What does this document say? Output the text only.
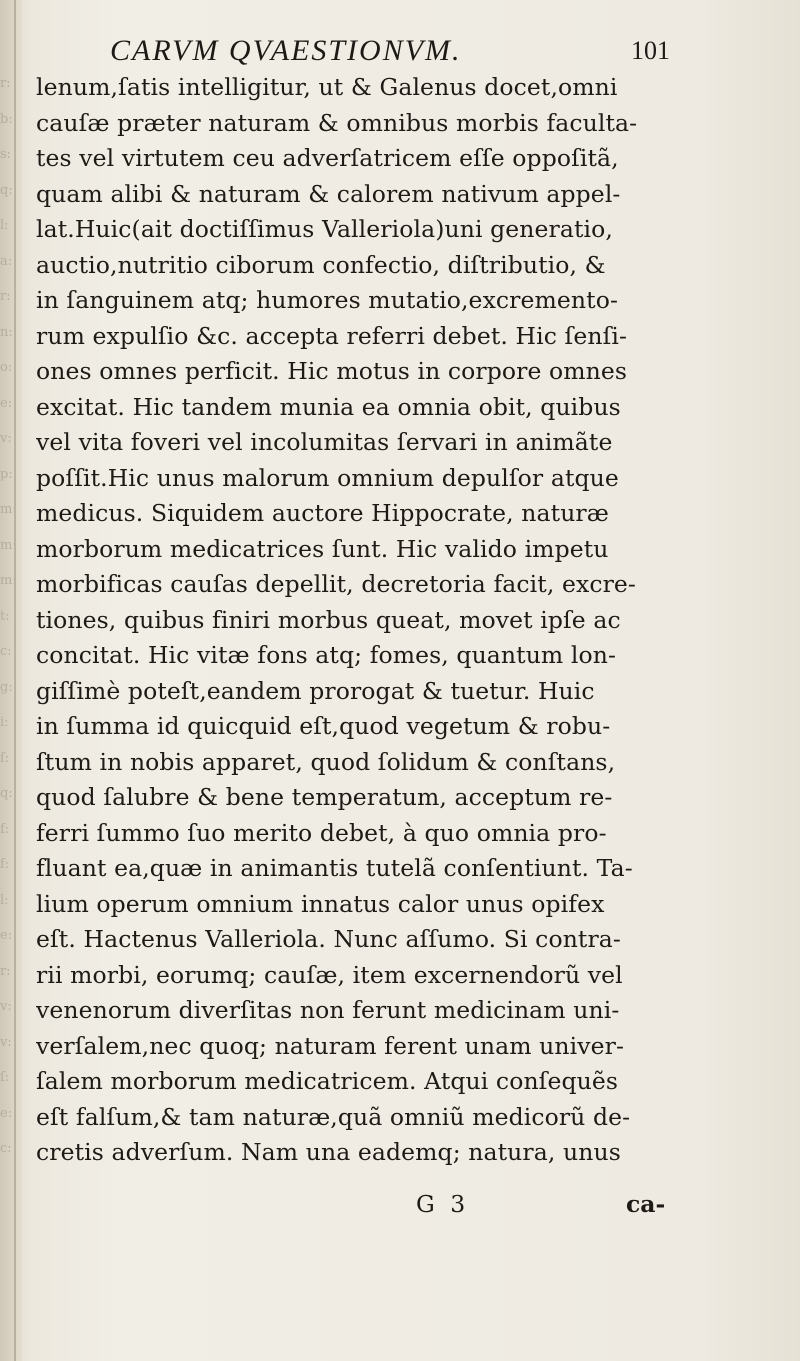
r:
b:
s:
q:
l:
a:
r:
n:
o:
e:
v:
p:
m:
m:
m:
t:
c:
g:
i:
ſ:
q:
f:
f:
l:
e:
r:
v:
v:
ſ:
e:
c:
CARVM QVAESTIONVM.	101
lenum,ſatis intelligitur, ut & Galenus docet,omni
cauſæ præter naturam & omnibus morbis faculta-
tes vel virtutem ceu adverſatricem eſſe oppoſitã,
quam alibi & naturam & calorem nativum appel-
lat.Huic(ait doctiſſimus Valleriola)uni generatio,
auctio,nutritio ciborum confectio, diſtributio, &
in ſanguinem atq; humores mutatio,excremento-
rum expulſio &c. accepta referri debet. Hic ſenſi-
ones omnes perficit. Hic motus in corpore omnes
excitat. Hic tandem munia ea omnia obit, quibus
vel vita foveri vel incolumitas ſervari in animãte
poſſit.Hic unus malorum omnium depulſor atque
medicus. Siquidem auctore Hippocrate, naturæ
morborum medicatrices ſunt. Hic valido impetu
morbificas cauſas depellit, decretoria facit, excre-
tiones, quibus finiri morbus queat, movet ipſe ac
concitat. Hic vitæ fons atq; fomes, quantum lon-
giſſimè poteſt,eandem prorogat & tuetur. Huic
in ſumma id quicquid eſt,quod vegetum & robu-
ſtum in nobis apparet, quod ſolidum & conſtans,
quod ſalubre & bene temperatum, acceptum re-
ferri ſummo ſuo merito debet, à quo omnia pro-
fluant ea,quæ in animantis tutelã conſentiunt. Ta-
lium operum omnium innatus calor unus opifex
eſt. Hactenus Valleriola. Nunc aſſumo. Si contra-
rii morbi, eorumq; cauſæ, item excernendorũ vel
venenorum diverſitas non ferunt medicinam uni-
verſalem,nec quoq; naturam ferent unam univer-
ſalem morborum medicatricem. Atqui conſequẽs
eſt falſum,& tam naturæ,quã omniũ medicorũ de-
cretis adverſum. Nam una eademq; natura, unus
G 3	ca-
